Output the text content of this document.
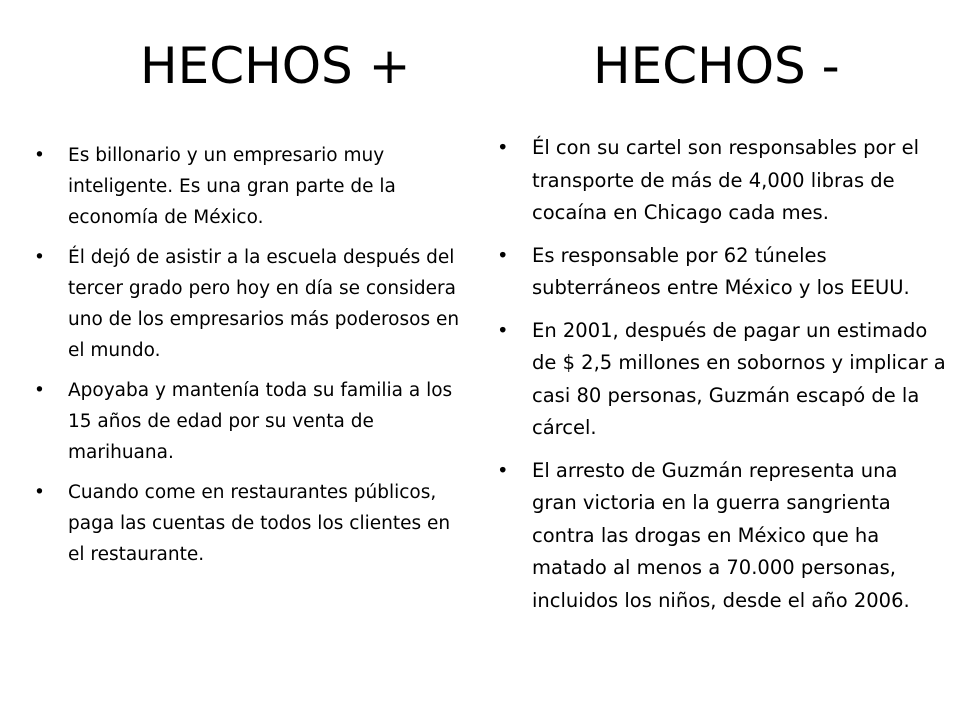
HECHOS +	HECHOS -
• Es billonario y un empresario muy inteligente. Es una gran parte de la economía de México.
• Él dejó de asistir a la escuela después del tercer grado pero hoy en día se considera uno de los empresarios más poderosos en el mundo.
• Apoyaba y mantenía toda su familia a los 15 años de edad por su venta de marihuana.
• Cuando come en restaurantes públicos, paga las cuentas de todos los clientes en el restaurante.
• Él con su cartel son responsables por el transporte de más de 4,000 libras de cocaína en Chicago cada mes.
• Es responsable por 62 túneles subterráneos entre México y los EEUU.
• En 2001, después de pagar un estimado de $ 2,5 millones en sobornos y implicar a casi 80 personas, Guzmán escapó de la cárcel.
• El arresto de Guzmán representa una gran victoria en la guerra sangrienta contra las drogas en México que ha matado al menos a 70.000 personas, incluidos los niños, desde el año 2006.
